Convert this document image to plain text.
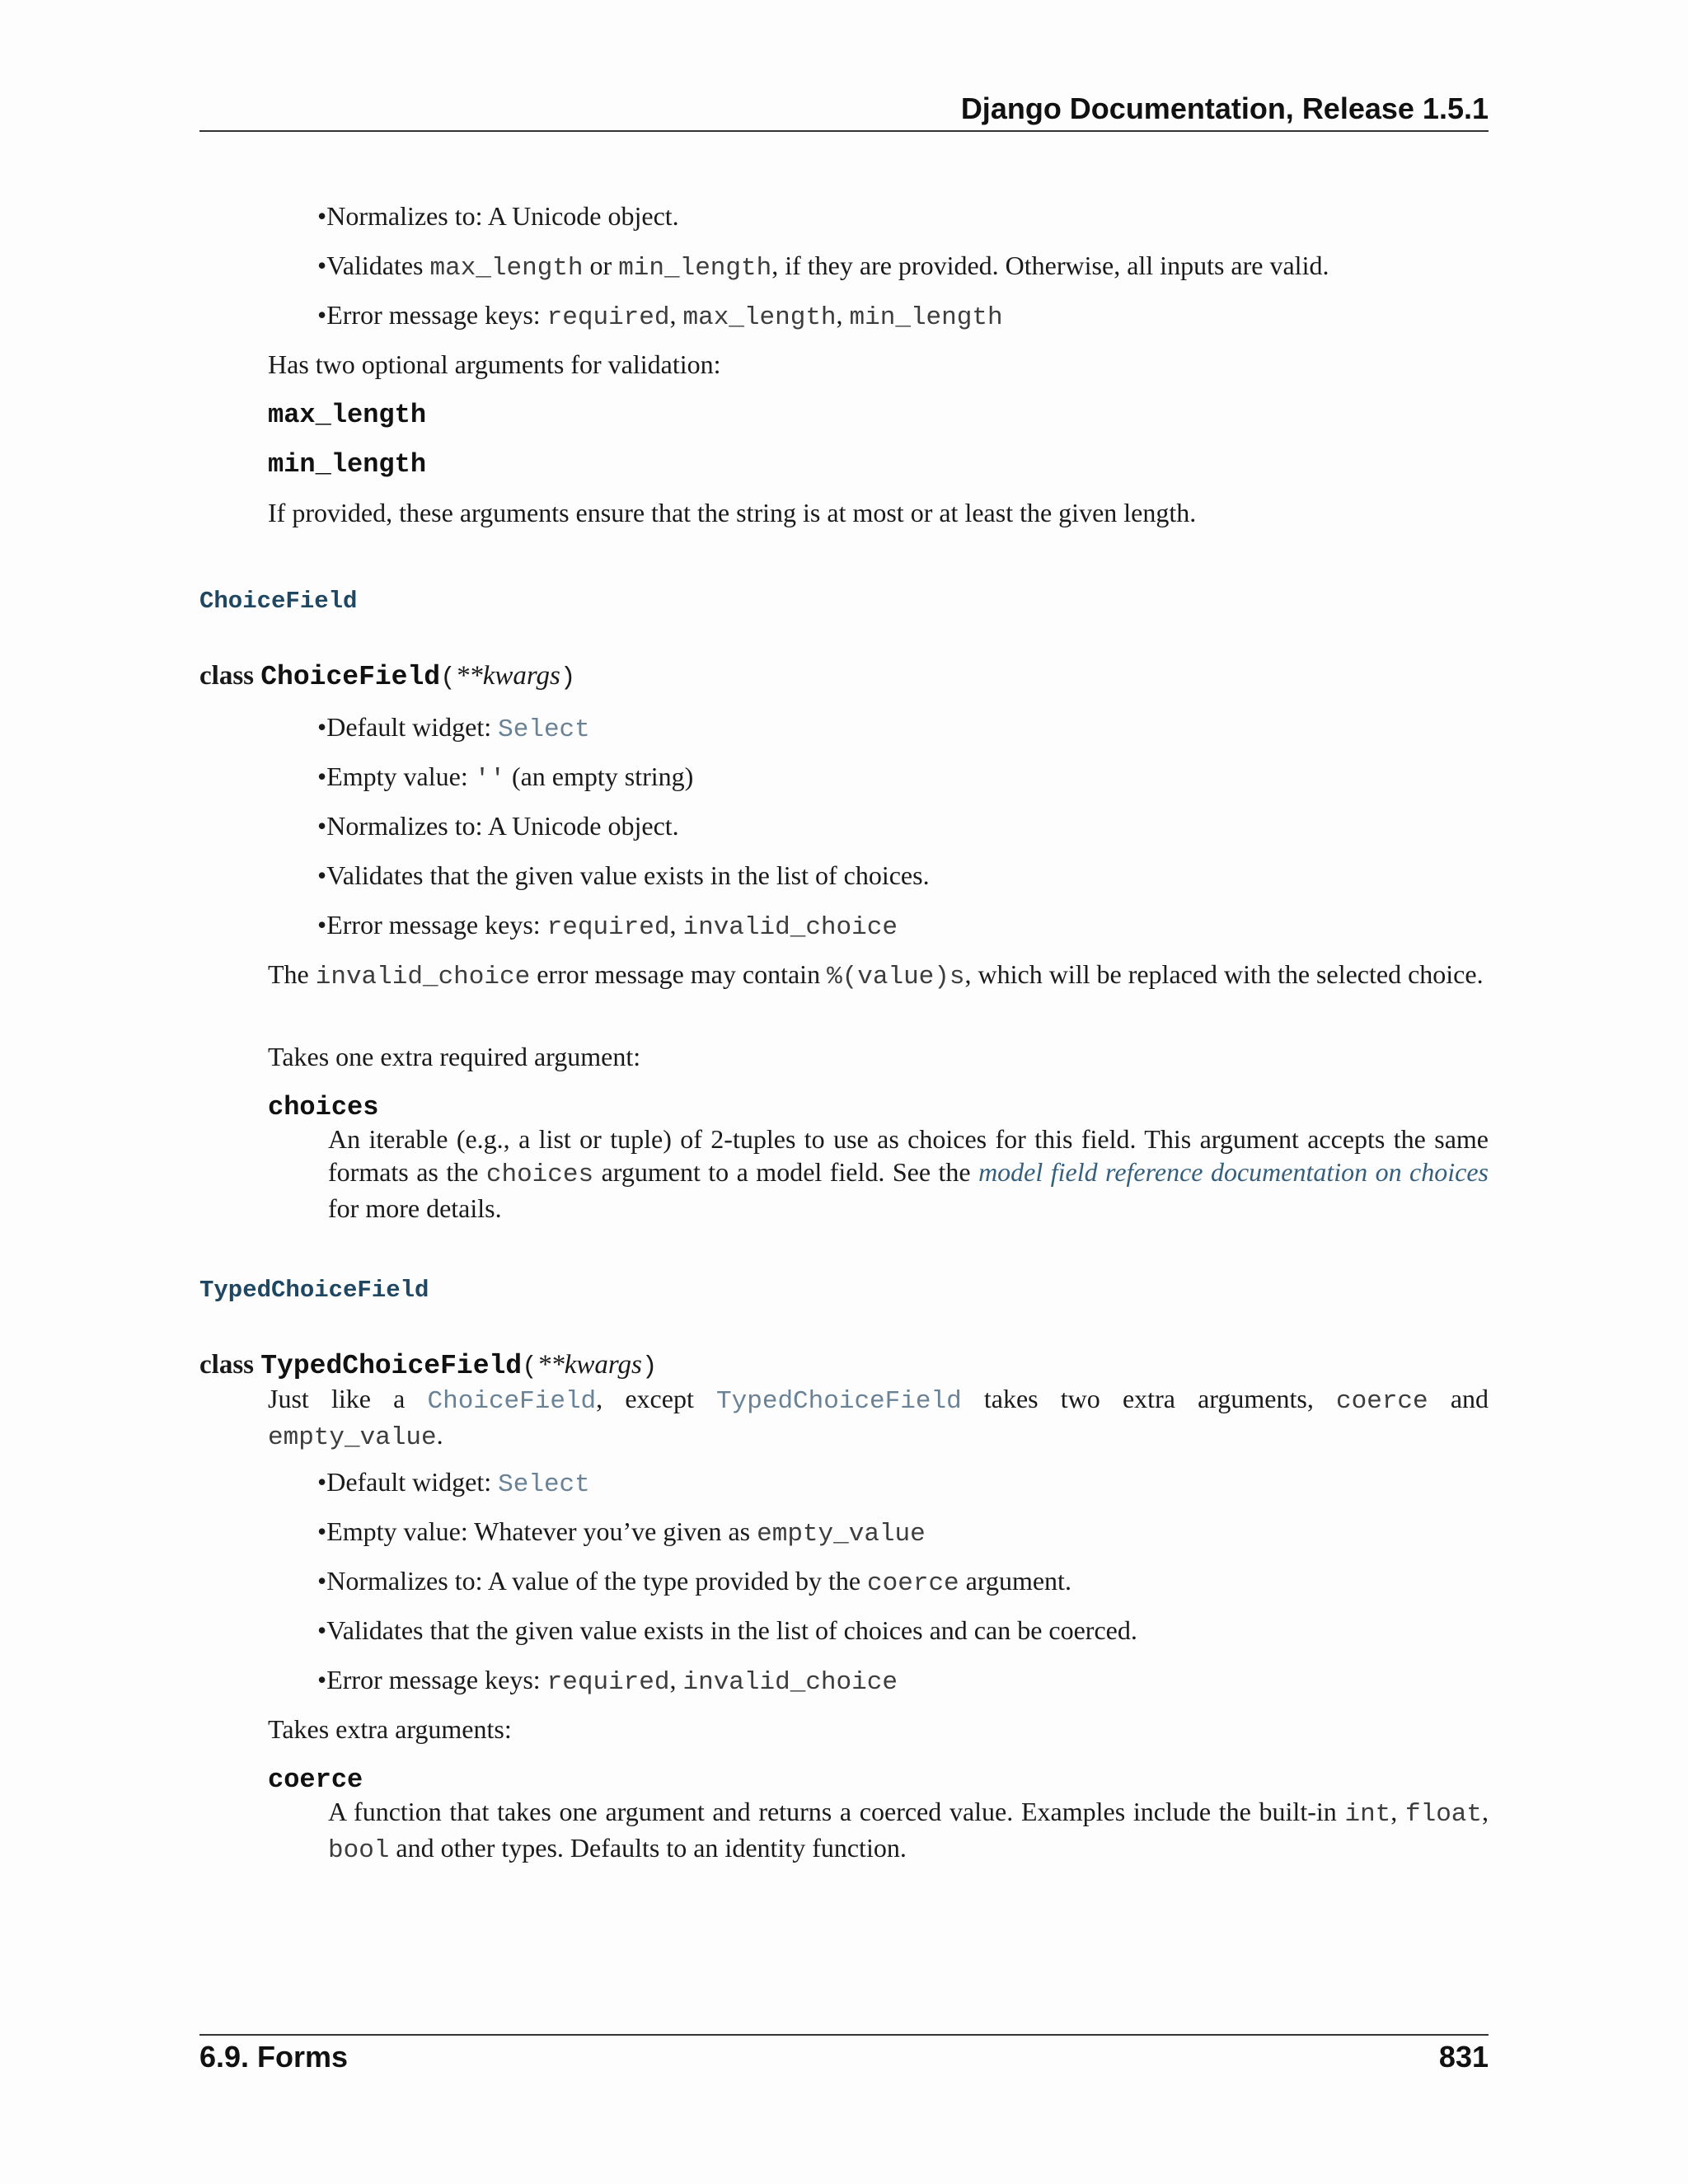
Django Documentation, Release 1.5.1
•Normalizes to: A Unicode object.
•Validates max_length or min_length, if they are provided. Otherwise, all inputs are valid.
•Error message keys: required, max_length, min_length
Has two optional arguments for validation:
max_length
min_length
If provided, these arguments ensure that the string is at most or at least the given length.
ChoiceField
class ChoiceField(**kwargs)
•Default widget: Select
•Empty value: '' (an empty string)
•Normalizes to: A Unicode object.
•Validates that the given value exists in the list of choices.
•Error message keys: required, invalid_choice
The invalid_choice error message may contain %(value)s, which will be replaced with the selected choice.
Takes one extra required argument:
choices
An iterable (e.g., a list or tuple) of 2-tuples to use as choices for this field. This argument accepts the same formats as the choices argument to a model field. See the model field reference documentation on choices for more details.
TypedChoiceField
class TypedChoiceField(**kwargs)
Just like a ChoiceField, except TypedChoiceField takes two extra arguments, coerce and empty_value.
•Default widget: Select
•Empty value: Whatever you’ve given as empty_value
•Normalizes to: A value of the type provided by the coerce argument.
•Validates that the given value exists in the list of choices and can be coerced.
•Error message keys: required, invalid_choice
Takes extra arguments:
coerce
A function that takes one argument and returns a coerced value. Examples include the built-in int, float, bool and other types. Defaults to an identity function.
6.9. Forms	831
